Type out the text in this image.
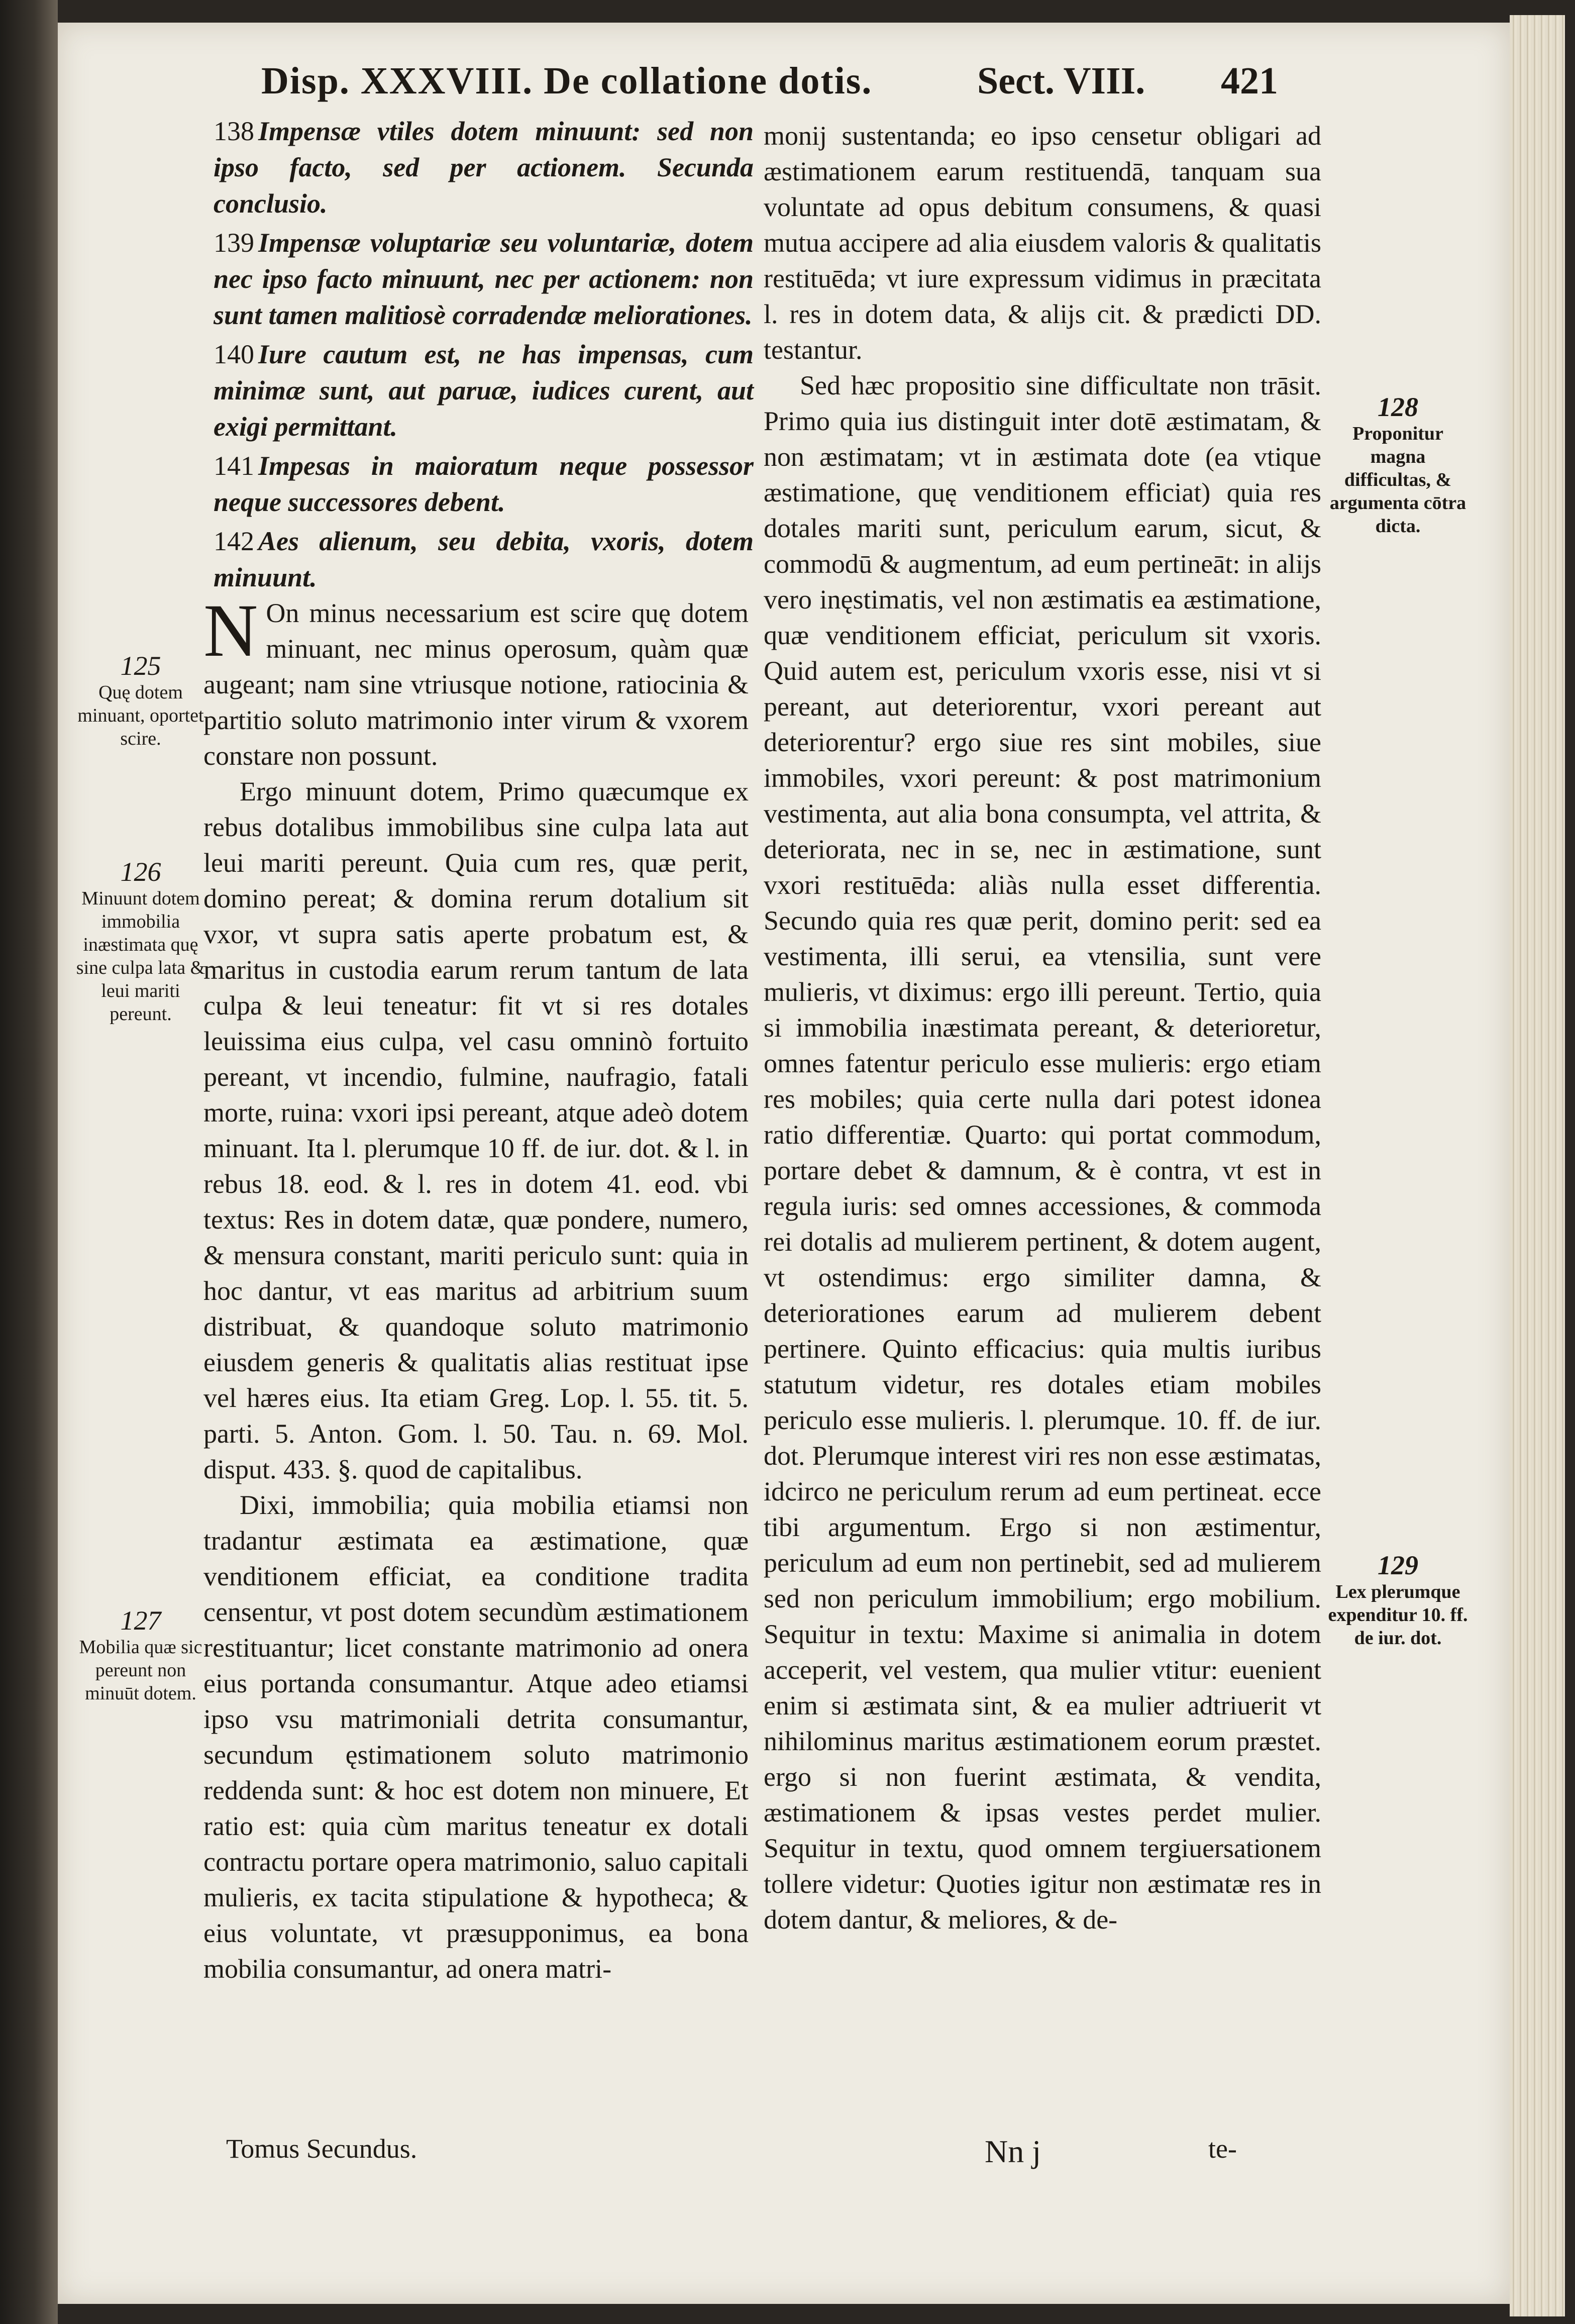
Disp. XXXVIII. De collatione dotis.	Sect. VIII. 421
138 Impensæ vtiles dotem minuunt: sed non ipso facto, sed per actionem. Secunda conclusio.
139 Impensæ voluptariæ seu voluntariæ, dotem nec ipso facto minuunt, nec per actionem: non sunt tamen malitiosè corradendæ meliorationes.
140 Iure cautum est, ne has impensas, cum minimæ sunt, aut paruæ, iudices curent, aut exigi permittant.
141 Impesas in maioratum neque possessor neque successores debent.
142 Aes alienum, seu debita, vxoris, dotem minuunt.

N On minus necessarium est scire quę dotem minuant, nec minus operosum, quàm quæ augeant; nam sine vtriusque notione, ratiocinia & partitio soluto matrimonio inter virum & vxorem constare non possunt.

Ergo minuunt dotem, Primo quæcumque ex rebus dotalibus immobilibus sine culpa lata aut leui mariti pereunt. Quia cum res, quæ perit, domino pereat; & domina rerum dotalium sit vxor, vt supra satis aperte probatum est, & maritus in custodia earum rerum tantum de lata culpa & leui teneatur: fit vt si res dotales leuissima eius culpa, vel casu omninò fortuito pereant, vt incendio, fulmine, naufragio, fatali morte, ruina: vxori ipsi pereant, atque adeò dotem minuant. Ita l. plerumque 10 ff. de iur. dot. & l. in rebus 18. eod. & l. res in dotem 41. eod. vbi textus: Res in dotem datæ, quæ pondere, numero, & mensura constant, mariti periculo sunt: quia in hoc dantur, vt eas maritus ad arbitrium suum distribuat, & quandoque soluto matrimonio eiusdem generis & qualitatis alias restituat ipse vel hæres eius. Ita etiam Greg. Lop. l. 55. tit. 5. parti. 5. Anton. Gom. l. 50. Tau. n. 69. Mol. disput. 433. §. quod de capitalibus.

Dixi, immobilia; quia mobilia etiamsi non tradantur æstimata ea æstimatione, quæ venditionem efficiat, ea conditione tradita censentur, vt post dotem secundùm æstimationem restituantur; licet constante matrimonio ad onera eius portanda consumantur. Atque adeo etiamsi ipso vsu matrimoniali detrita consumantur, secundum ęstimationem soluto matrimonio reddenda sunt: & hoc est dotem non minuere, Et ratio est: quia cùm maritus teneatur ex dotali contractu portare opera matrimonio, saluo capitali mulieris, ex tacita stipulatione & hypotheca; & eius voluntate, vt præsupponimus, ea bona mobilia consumantur, ad onera matri-

monij sustentanda; eo ipso censetur obligari ad æstimationem earum restituendā, tanquam sua voluntate ad opus debitum consumens, & quasi mutua accipere ad alia eiusdem valoris & qualitatis restituēda; vt iure expressum vidimus in præcitata l. res in dotem data, & alijs cit. & prædicti DD. testantur.

Sed hæc propositio sine difficultate non trāsit. Primo quia ius distinguit inter dotē æstimatam, & non æstimatam; vt in æstimata dote (ea vtique æstimatione, quę venditionem efficiat) quia res dotales mariti sunt, periculum earum, sicut, & commodū & augmentum, ad eum pertineāt: in alijs vero inęstimatis, vel non æstimatis ea æstimatione, quæ venditionem efficiat, periculum sit vxoris. Quid autem est, periculum vxoris esse, nisi vt si pereant, aut deteriorentur, vxori pereant aut deteriorentur? ergo siue res sint mobiles, siue immobiles, vxori pereunt: & post matrimonium vestimenta, aut alia bona consumpta, vel attrita, & deteriorata, nec in se, nec in æstimatione, sunt vxori restituēda: aliàs nulla esset differentia. Secundo quia res quæ perit, domino perit: sed ea vestimenta, illi serui, ea vtensilia, sunt vere mulieris, vt diximus: ergo illi pereunt. Tertio, quia si immobilia inæstimata pereant, & deterioretur, omnes fatentur periculo esse mulieris: ergo etiam res mobiles; quia certe nulla dari potest idonea ratio differentiæ. Quarto: qui portat commodum, portare debet & damnum, & è contra, vt est in regula iuris: sed omnes accessiones, & commoda rei dotalis ad mulierem pertinent, & dotem augent, vt ostendimus: ergo similiter damna, & deteriorationes earum ad mulierem debent pertinere. Quinto efficacius: quia multis iuribus statutum videtur, res dotales etiam mobiles periculo esse mulieris. l. plerumque. 10. ff. de iur. dot. Plerumque interest viri res non esse æstimatas, idcirco ne periculum rerum ad eum pertineat. ecce tibi argumentum. Ergo si non æstimentur, periculum ad eum non pertinebit, sed ad mulierem sed non periculum immobilium; ergo mobilium. Sequitur in textu: Maxime si animalia in dotem acceperit, vel vestem, qua mulier vtitur: euenient enim si æstimata sint, & ea mulier adtriuerit vt nihilominus maritus æstimationem eorum præstet. ergo si non fuerint æstimata, & vendita, æstimationem & ipsas vestes perdet mulier. Sequitur in textu, quod omnem tergiuersationem tollere videtur: Quoties igitur non æstimatæ res in dotem dantur, & meliores, & de-

125
Quę dotem minuant, oportet scire.
126
Minuunt dotem immobilia inæstimata quę sine culpa lata & leui mariti pereunt.
127
Mobilia quæ sic pereunt non minuūt dotem.
128
Proponitur magna difficultas, & argumenta cōtra dicta.
129
Lex plerumque expenditur 10. ff. de iur. dot.
Tomus Secundus.	Nn j	te-
